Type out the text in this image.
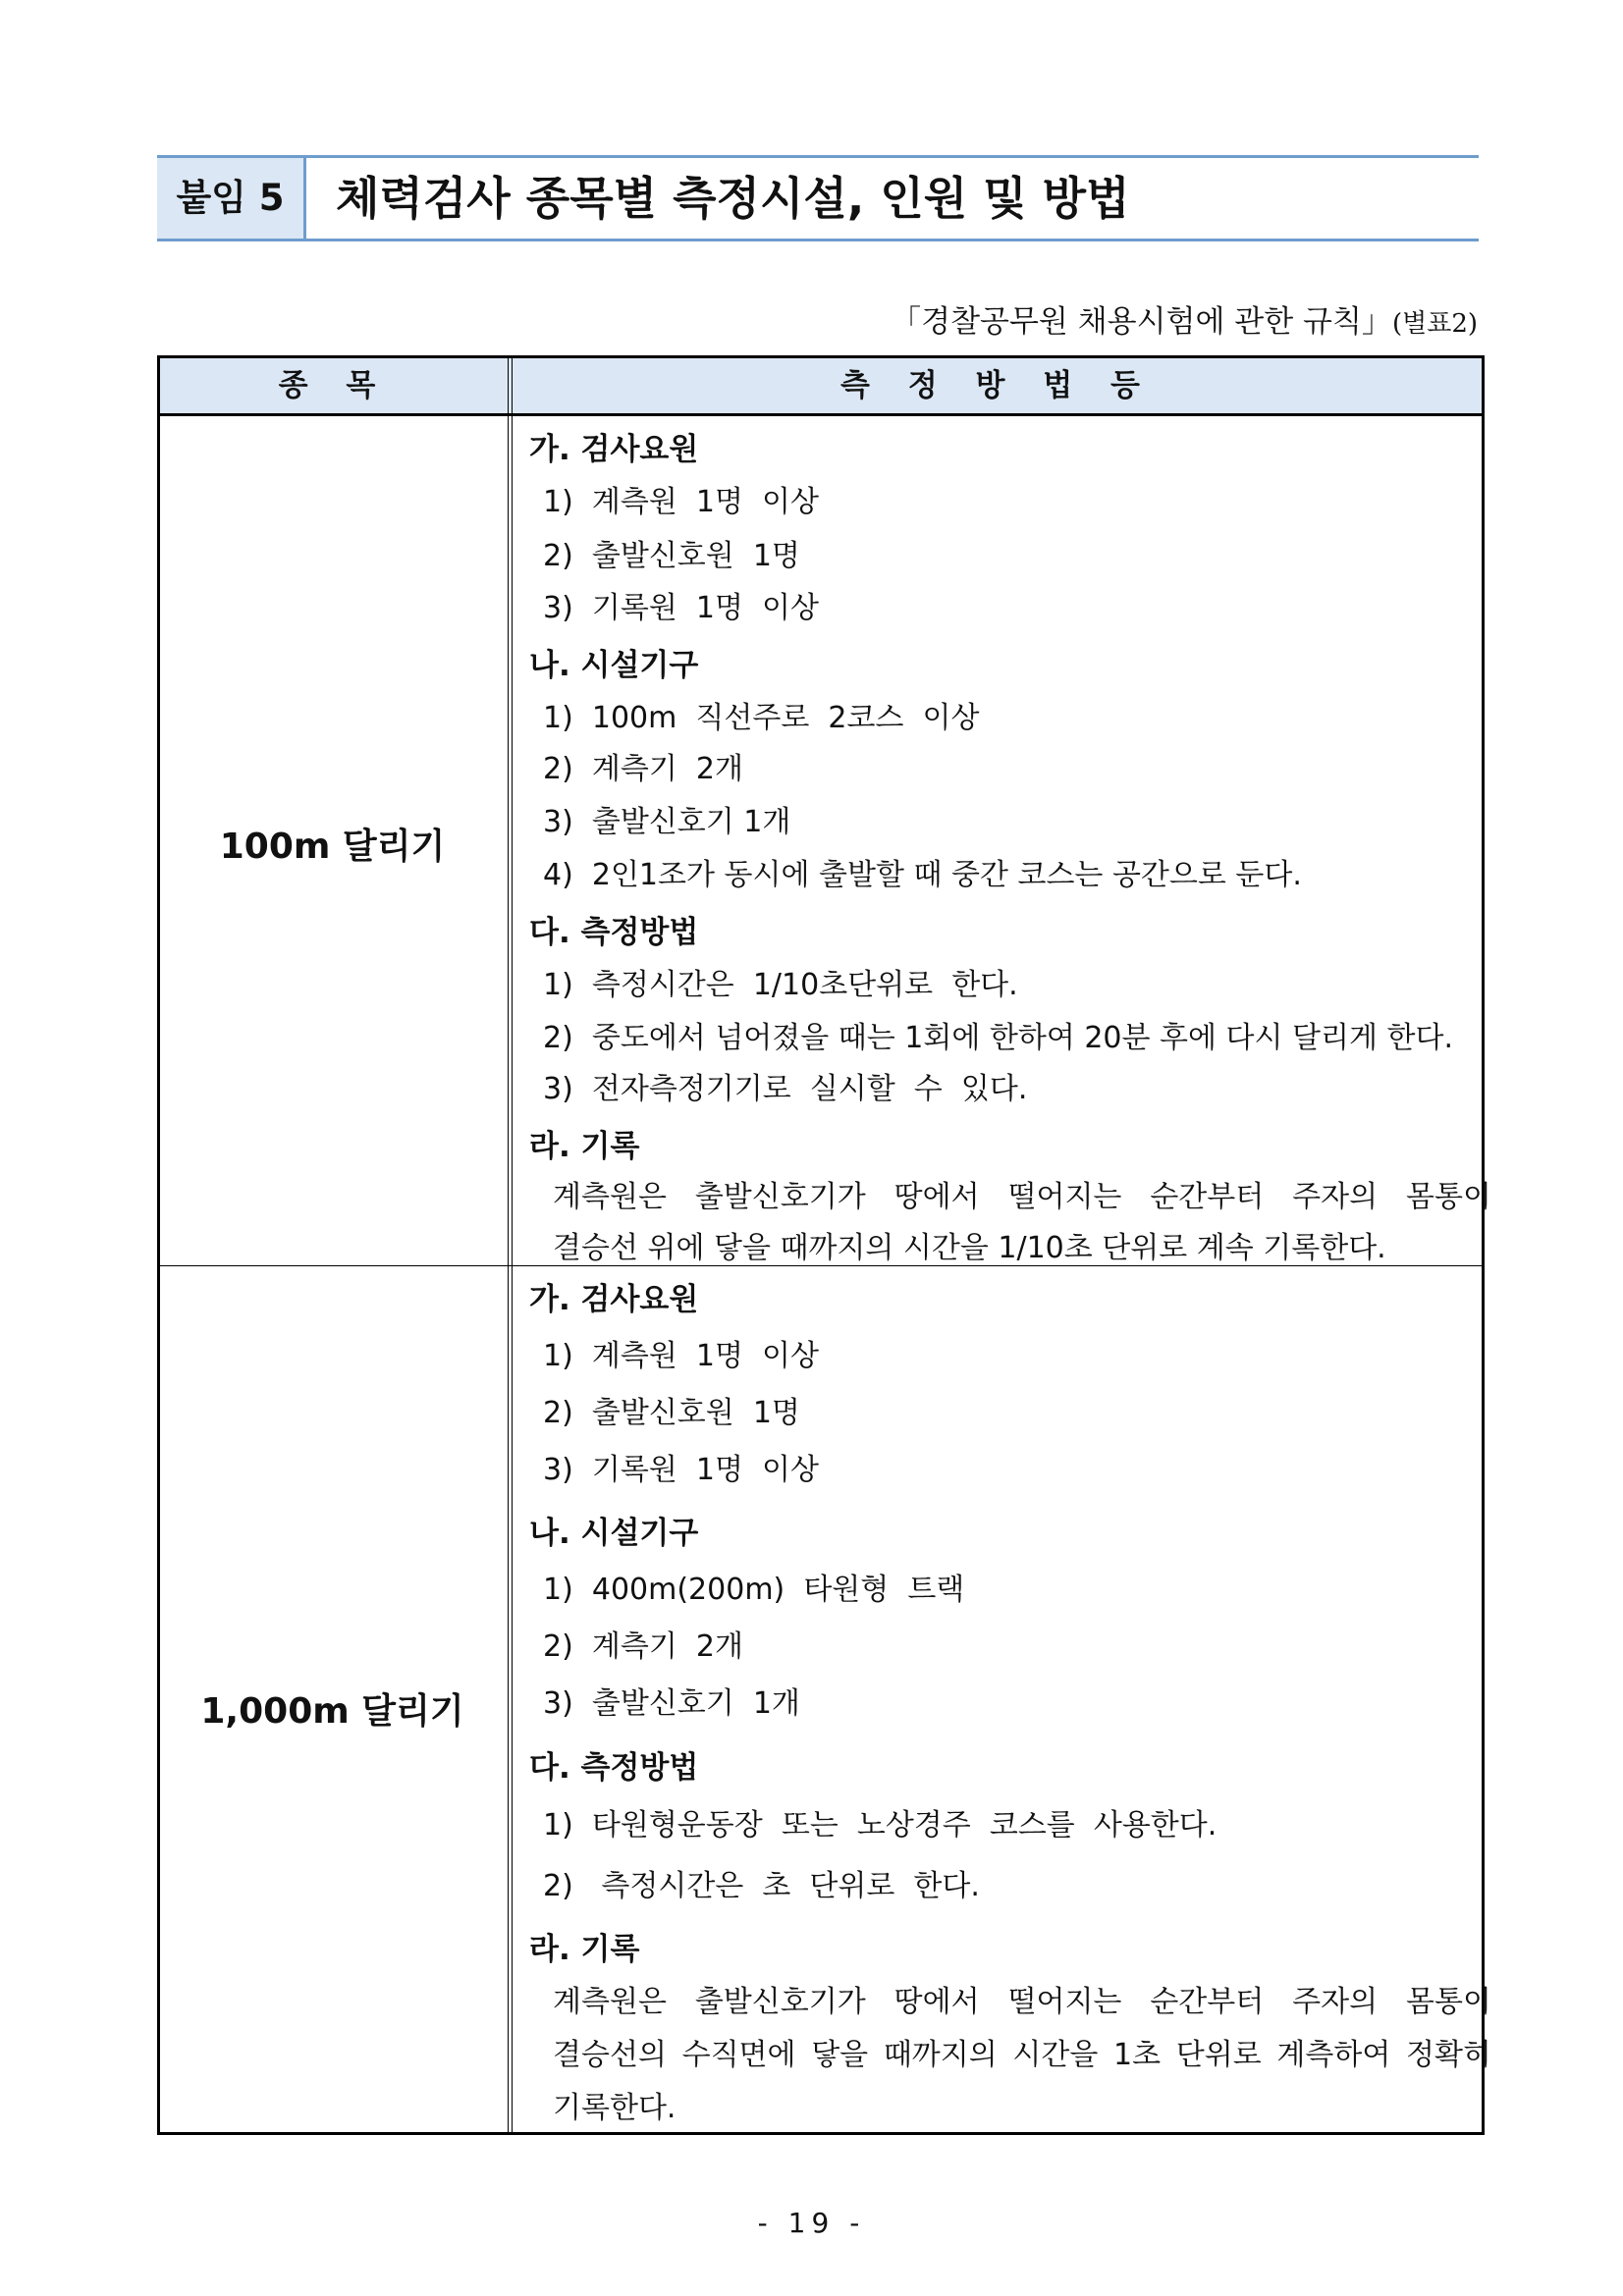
붙임 5	체력검사 종목별 측정시설, 인원 및 방법
「경찰공무원 채용시험에 관한 규칙」(별표2)
종 목	측 정 방 법 등
100m 달리기
가. 검사요원
1)  계측원  1명  이상
2)  출발신호원  1명
3)  기록원  1명  이상
나. 시설기구
1)  100m  직선주로  2코스  이상
2)  계측기  2개
3)  출발신호기 1개
4)  2인1조가 동시에 출발할 때 중간 코스는 공간으로 둔다.
다. 측정방법
1)  측정시간은  1/10초단위로  한다.
2)  중도에서 넘어졌을 때는 1회에 한하여 20분 후에 다시 달리게 한다.
3)  전자측정기기로  실시할  수  있다.
라. 기록
계측원은 출발신호기가 땅에서 떨어지는 순간부터 주자의 몸통이
결승선 위에 닿을 때까지의 시간을 1/10초 단위로 계속 기록한다.
1,000m 달리기
가. 검사요원
1)  계측원  1명  이상
2)  출발신호원  1명
3)  기록원  1명  이상
나. 시설기구
1)  400m(200m)  타원형  트랙
2)  계측기  2개
3)  출발신호기  1개
다. 측정방법
1)  타원형운동장  또는  노상경주  코스를  사용한다.
2)   측정시간은  초  단위로  한다.
라. 기록
계측원은 출발신호기가 땅에서 떨어지는 순간부터 주자의 몸통이
결승선의 수직면에 닿을 때까지의 시간을 1초 단위로 계측하여 정확히
기록한다.
- 19 -
